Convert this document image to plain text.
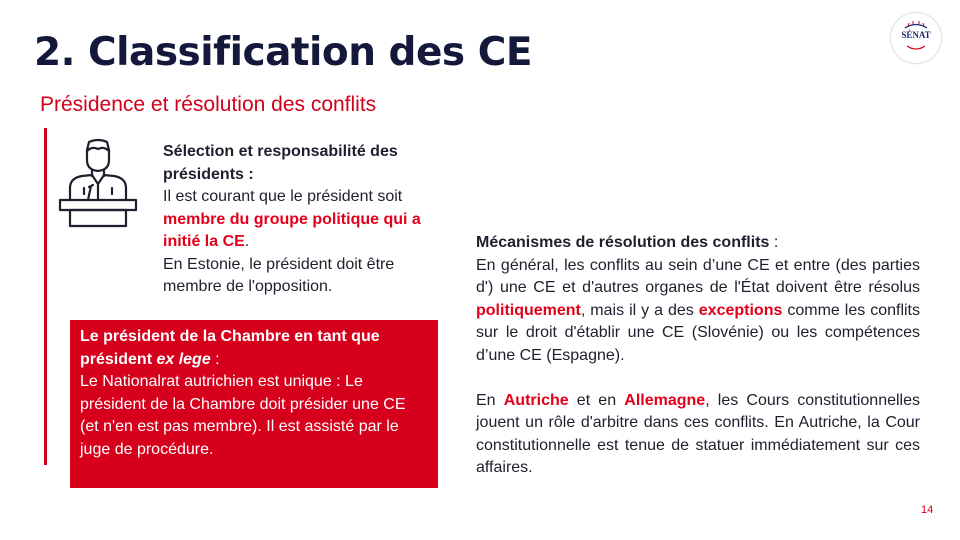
2. Classification des CE	SÉNAT
Présidence et résolution des conflits
Sélection et responsabilité des présidents :
Il est courant que le président soit membre du groupe politique qui a initié la CE.
En Estonie, le président doit être membre de l'opposition.
Le président de la Chambre en tant que président ex lege :
Le Nationalrat autrichien est unique : Le président de la Chambre doit présider une CE (et n'en est pas membre). Il est assisté par le juge de procédure.

Mécanismes de résolution des conflits :

En général, les conflits au sein d’une CE et entre (des parties d') une CE et d'autres organes de l'État doivent être résolus politiquement, mais il y a des exceptions comme les conflits sur le droit d'établir une CE (Slovénie) ou les compétences d’une CE (Espagne).

En Autriche et en Allemagne, les Cours constitutionnelles jouent un rôle d'arbitre dans ces conflits. En Autriche, la Cour constitutionnelle est tenue de statuer immédiatement sur ces affaires.

14
